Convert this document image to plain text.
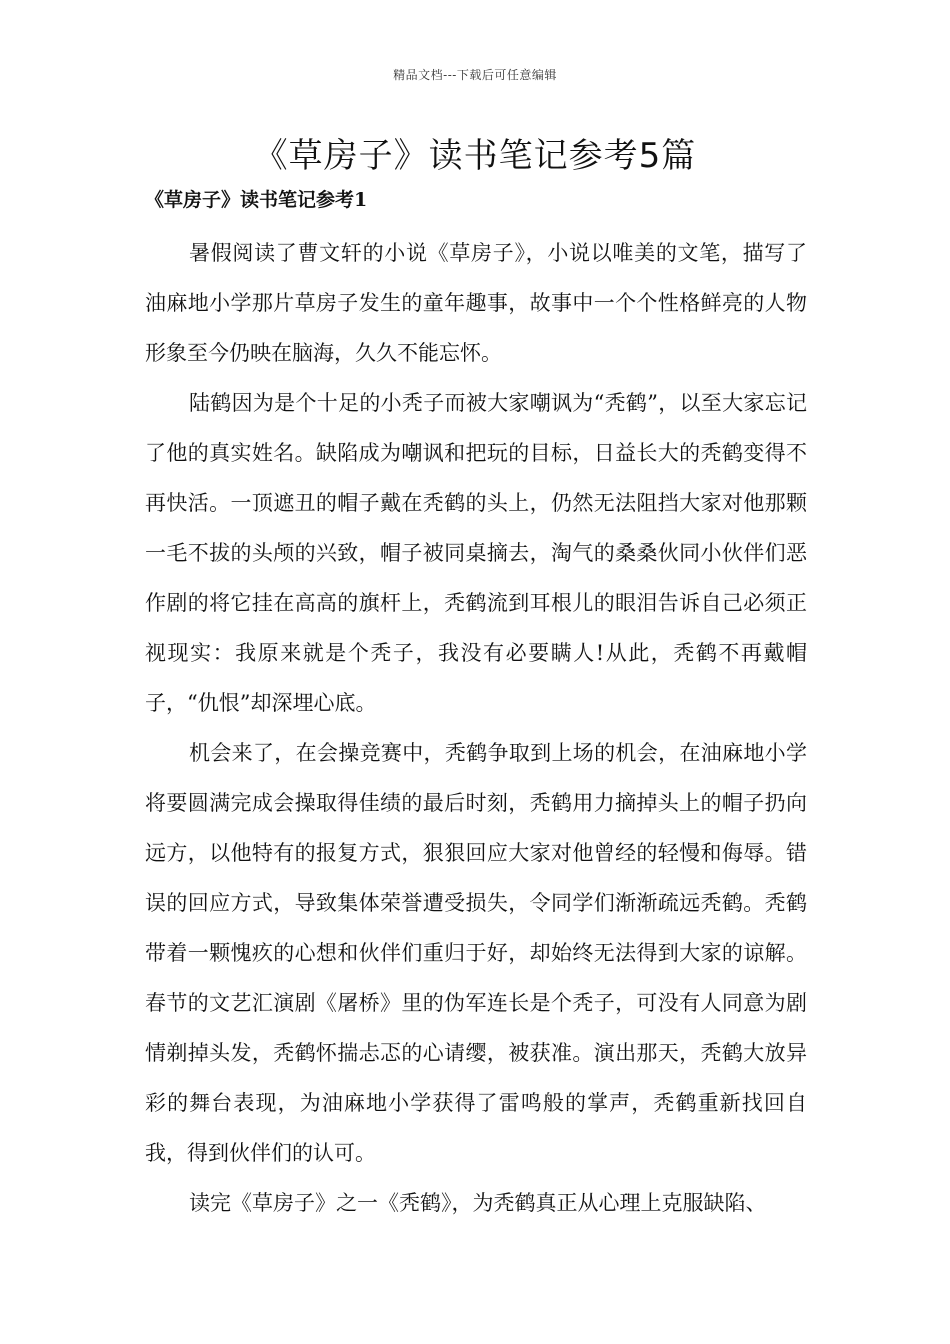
精品文档---下载后可任意编辑
《草房子》读书笔记参考5篇
《草房子》读书笔记参考1

暑假阅读了曹文轩的小说《草房子》，小说以唯美的文笔，描写了油麻地小学那片草房子发生的童年趣事，故事中一个个性格鲜亮的人物形象至今仍映在脑海，久久不能忘怀。

陆鹤因为是个十足的小秃子而被大家嘲讽为“秃鹤”，以至大家忘记了他的真实姓名。缺陷成为嘲讽和把玩的目标，日益长大的秃鹤变得不再快活。一顶遮丑的帽子戴在秃鹤的头上，仍然无法阻挡大家对他那颗一毛不拔的头颅的兴致，帽子被同桌摘去，淘气的桑桑伙同小伙伴们恶作剧的将它挂在高高的旗杆上，秃鹤流到耳根儿的眼泪告诉自己必须正视现实：我原来就是个秃子，我没有必要瞒人!从此，秃鹤不再戴帽子，“仇恨”却深埋心底。

机会来了，在会操竞赛中，秃鹤争取到上场的机会，在油麻地小学将要圆满完成会操取得佳绩的最后时刻，秃鹤用力摘掉头上的帽子扔向远方，以他特有的报复方式，狠狠回应大家对他曾经的轻慢和侮辱。错误的回应方式，导致集体荣誉遭受损失，令同学们渐渐疏远秃鹤。秃鹤带着一颗愧疚的心想和伙伴们重归于好，却始终无法得到大家的谅解。春节的文艺汇演剧《屠桥》里的伪军连长是个秃子，可没有人同意为剧情剃掉头发，秃鹤怀揣忐忑的心请缨，被获准。演出那天，秃鹤大放异彩的舞台表现，为油麻地小学获得了雷鸣般的掌声，秃鹤重新找回自我，得到伙伴们的认可。

读完《草房子》之一《秃鹤》，为秃鹤真正从心理上克服缺陷、
